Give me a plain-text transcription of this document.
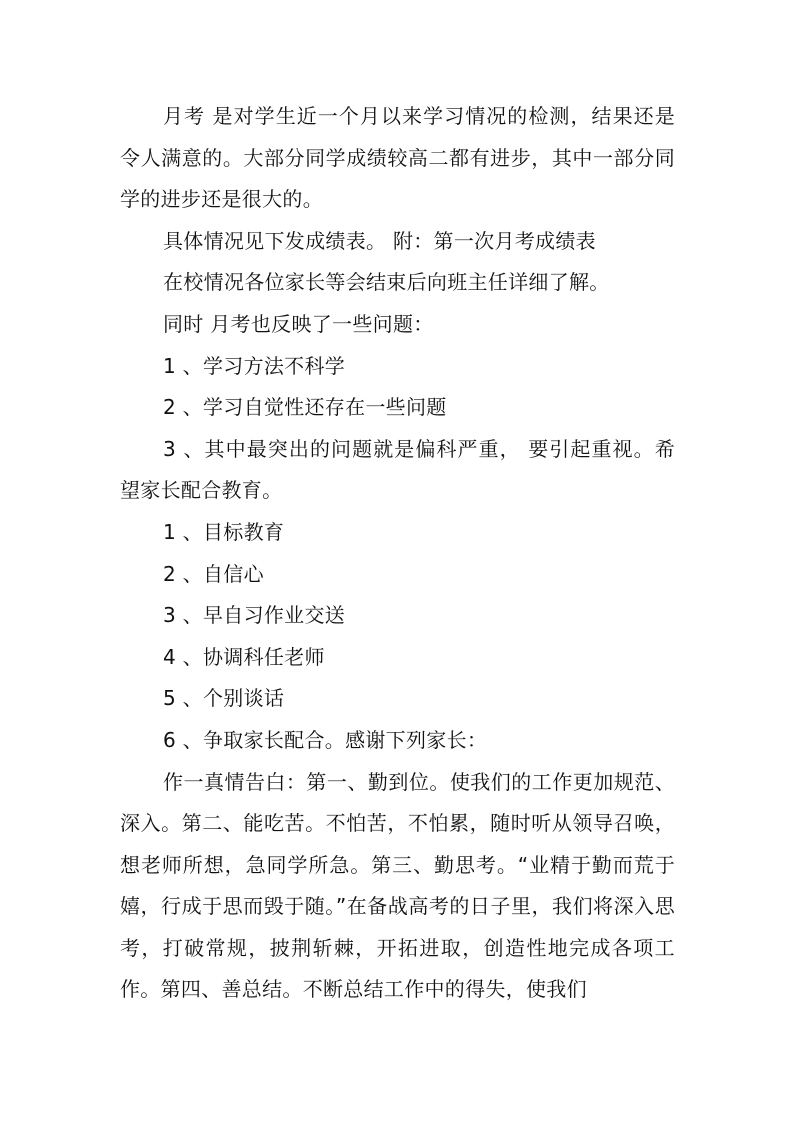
月考 是对学生近一个月以来学习情况的检测，结果还是令人满意的。大部分同学成绩较高二都有进步，其中一部分同学的进步还是很大的。

具体情况见下发成绩表。 附：第一次月考成绩表

在校情况各位家长等会结束后向班主任详细了解。

同时 月考也反映了一些问题：

1 、学习方法不科学

2 、学习自觉性还存在一些问题

3 、其中最突出的问题就是偏科严重， 要引起重视。希望家长配合教育。

1 、目标教育

2 、自信心

3 、早自习作业交送

4 、协调科任老师

5 、个别谈话

6 、争取家长配合。感谢下列家长：

作一真情告白：第一、勤到位。使我们的工作更加规范、深入。第二、能吃苦。不怕苦，不怕累，随时听从领导召唤，想老师所想，急同学所急。第三、勤思考。“业精于勤而荒于嬉，行成于思而毁于随。”在备战高考的日子里，我们将深入思考，打破常规，披荆斩棘，开拓进取，创造性地完成各项工作。第四、善总结。不断总结工作中的得失，使我们
